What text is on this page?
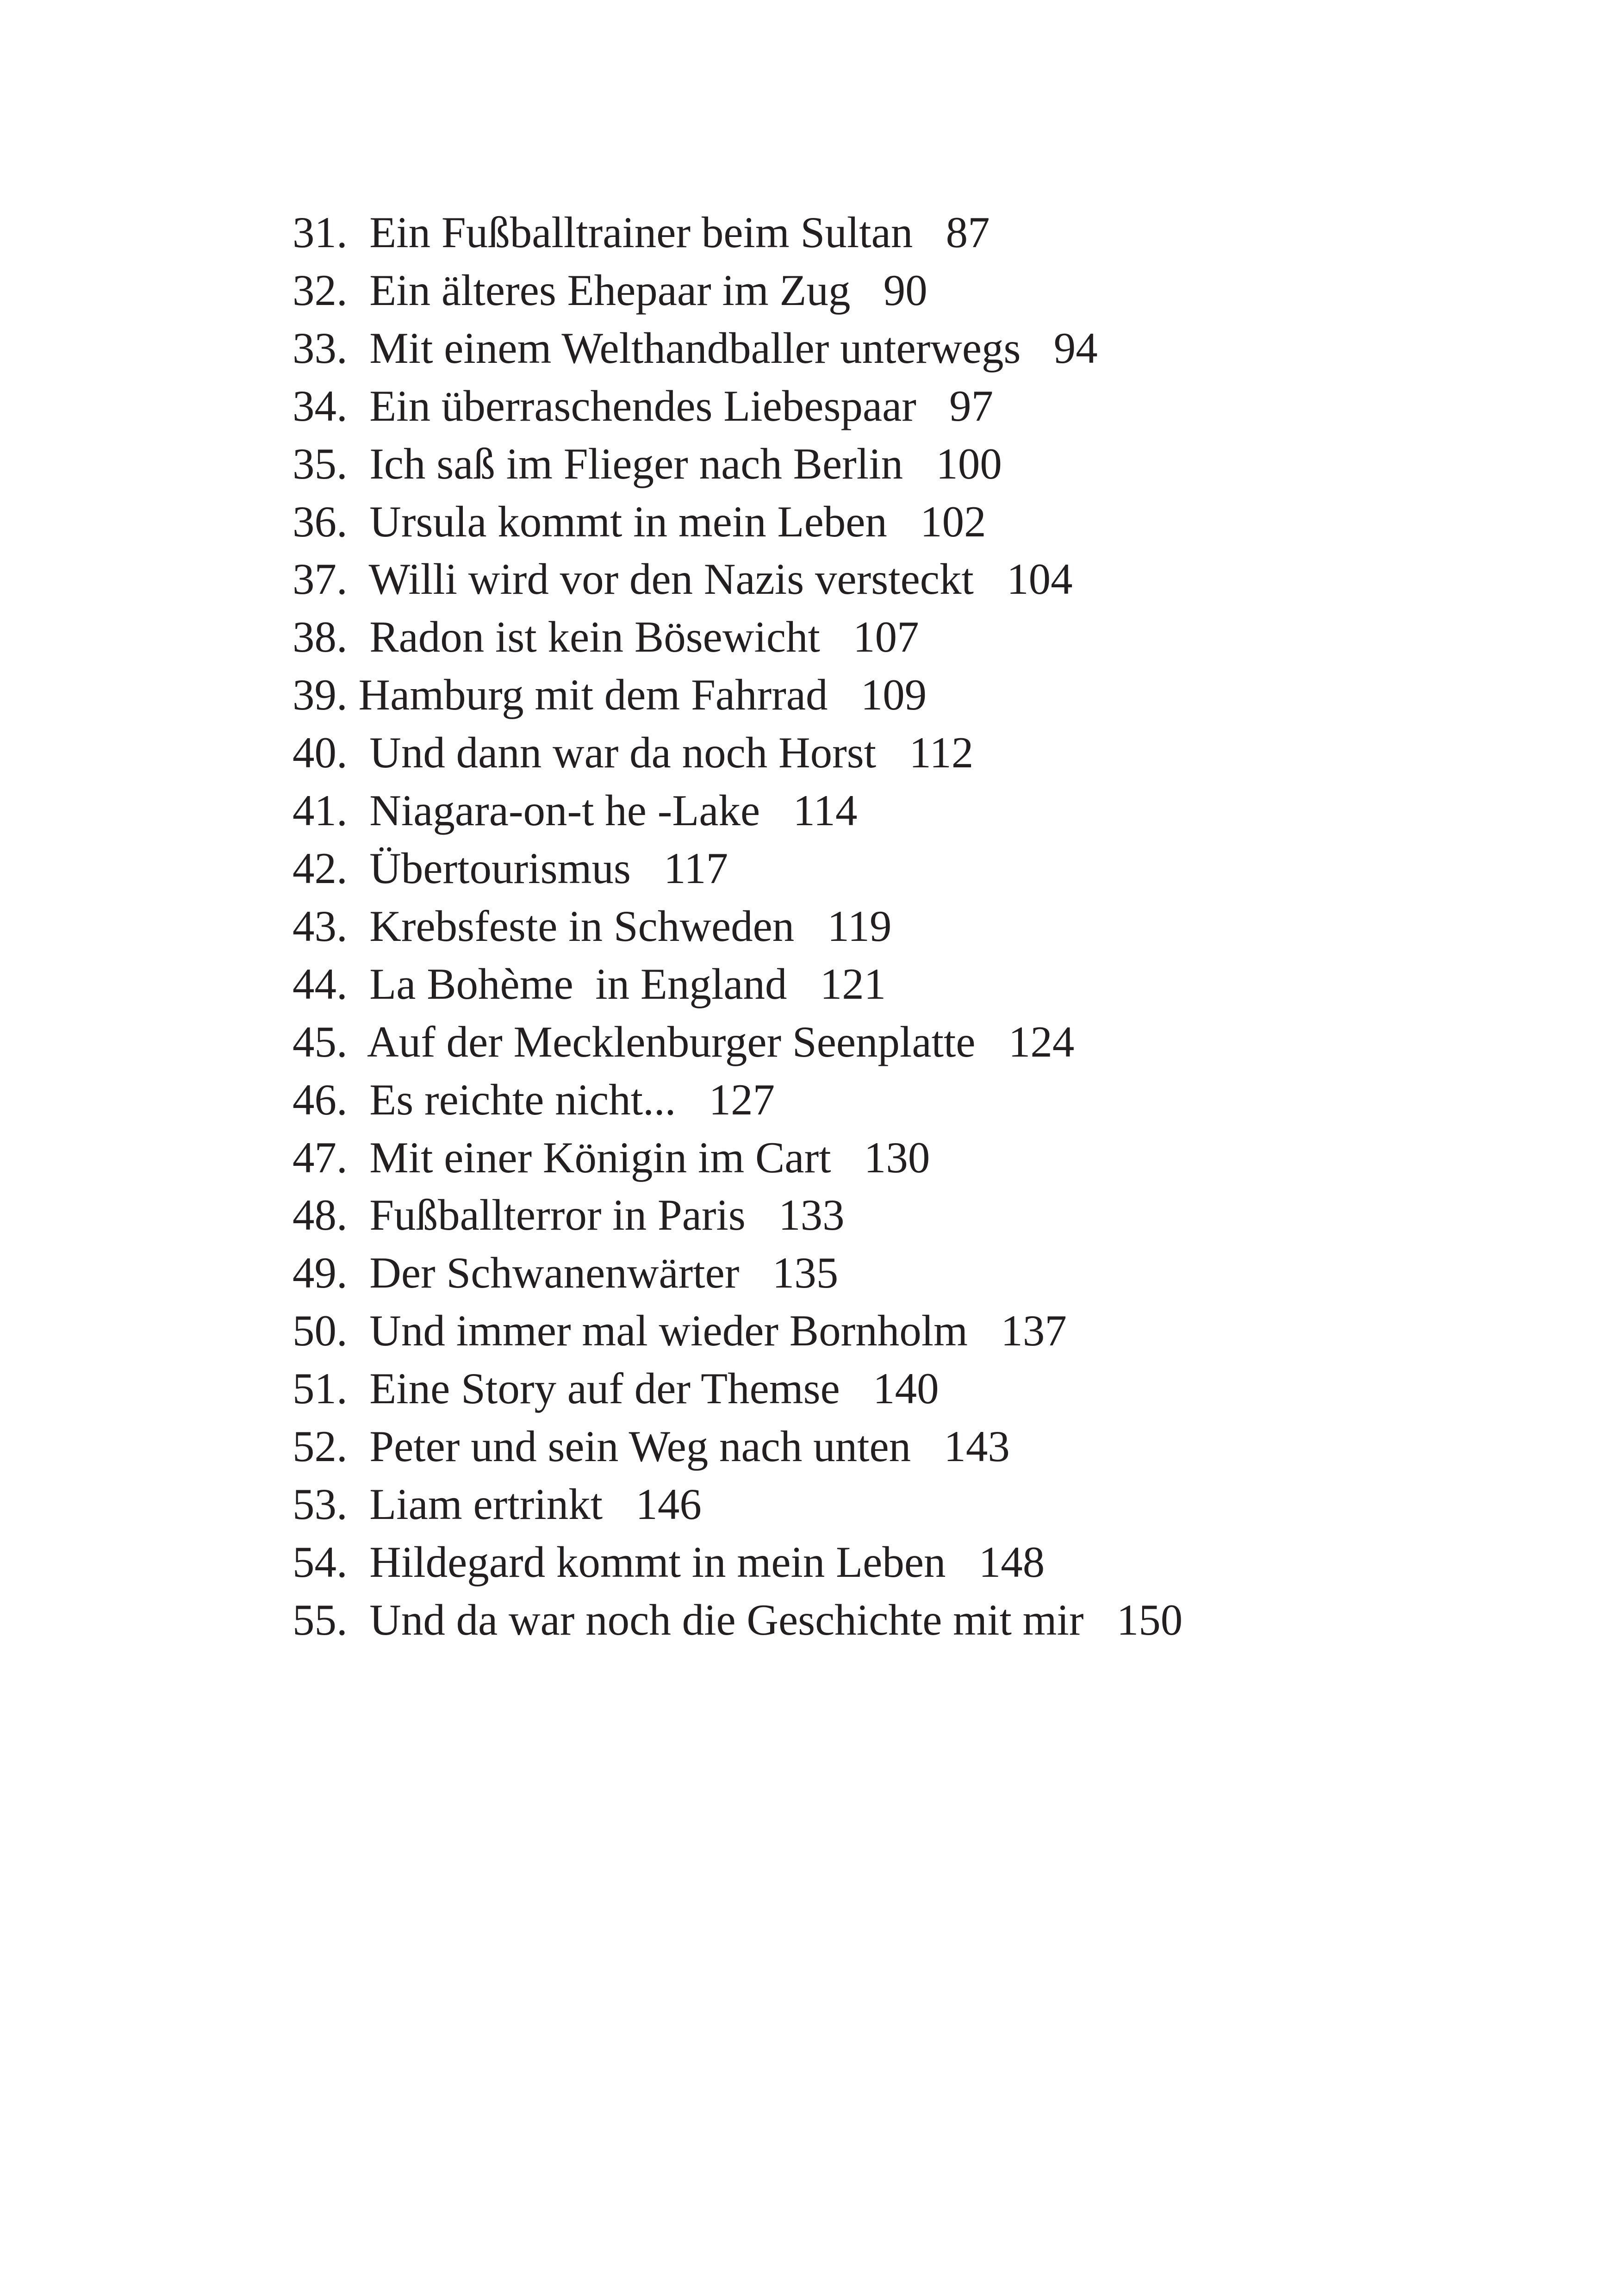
31. Ein Fußballtrainer beim Sultan 87
32. Ein älteres Ehepaar im Zug 90
33. Mit einem Welthandballer unterwegs 94
34. Ein überraschendes Liebespaar 97
35. Ich saß im Flieger nach Berlin 100
36. Ursula kommt in mein Leben 102
37. Willi wird vor den Nazis versteckt 104
38. Radon ist kein Bösewicht 107
39. Hamburg mit dem Fahrrad 109
40. Und dann war da noch Horst 112
41. Niagara-on-t he -Lake 114
42. Übertourismus 117
43. Krebsfeste in Schweden 119
44. La Bohème  in England 121
45. Auf der Mecklenburger Seenplatte 124
46. Es reichte nicht... 127
47. Mit einer Königin im Cart 130
48. Fußballterror in Paris 133
49. Der Schwanenwärter 135
50. Und immer mal wieder Bornholm 137
51. Eine Story auf der Themse 140
52. Peter und sein Weg nach unten 143
53. Liam ertrinkt 146
54. Hildegard kommt in mein Leben 148
55. Und da war noch die Geschichte mit mir 150
